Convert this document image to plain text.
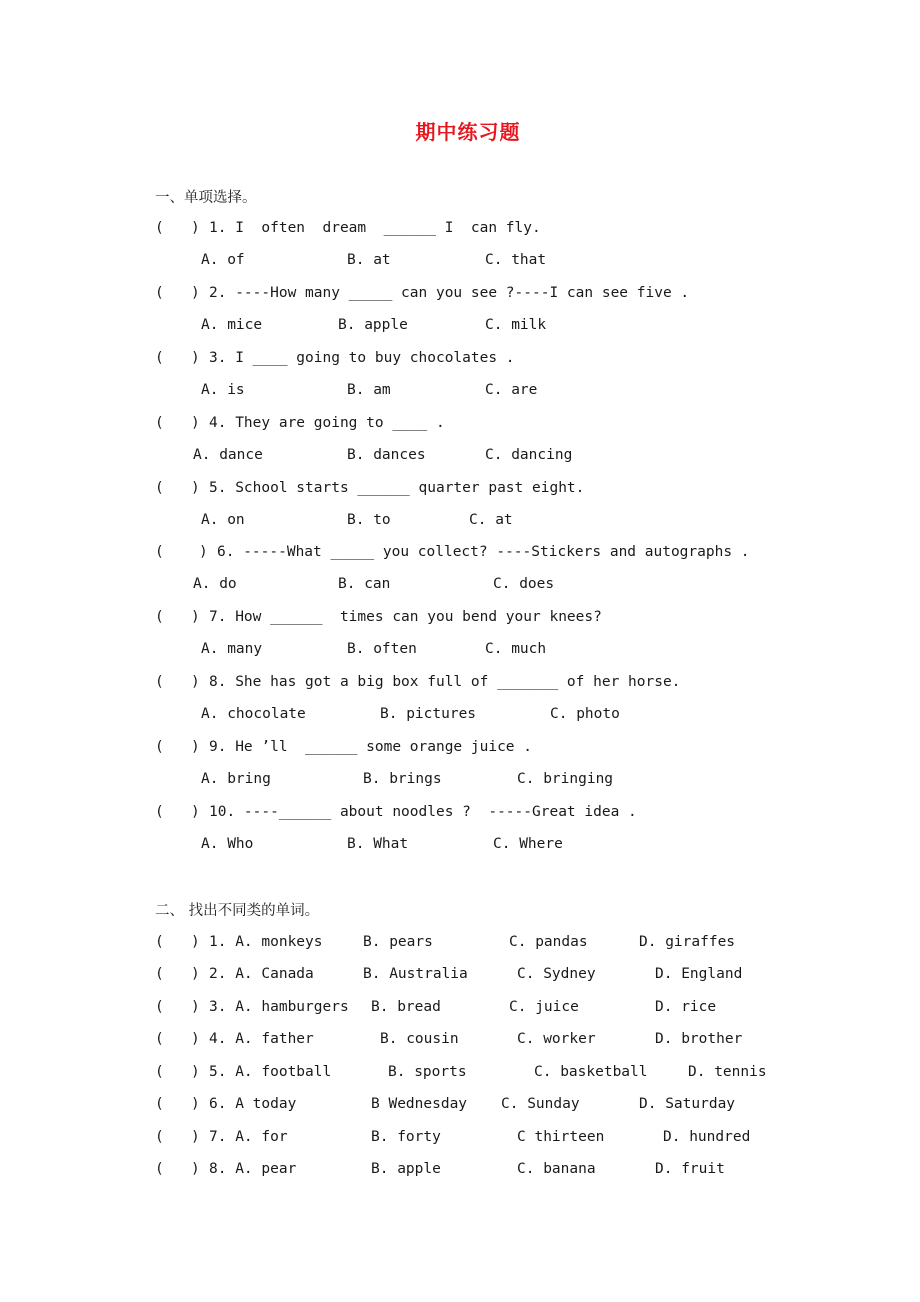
期中练习题
一、单项选择。
( ) 1. I  often  dream  ______ I  can fly.
A. of	B. at	C. that
( ) 2. ----How many _____ can you see ?----I can see five .
A. mice	B. apple	C. milk
( ) 3. I ____ going to buy chocolates .
A. is	B. am	C. are
( ) 4. They are going to ____ .
A. dance	B. dances	C. dancing
( ) 5. School starts ______ quarter past eight.
A. on	B. to	C. at
( ) 6. -----What _____ you collect? ----Stickers and autographs .
A. do	B. can	C. does
( ) 7. How ______  times can you bend your knees?
A. many	B. often	C. much
( ) 8. She has got a big box full of _______ of her horse.
A. chocolate	B. pictures	C. photo
( ) 9. He ’ll  ______ some orange juice .
A. bring	B. brings	C. bringing
( ) 10. ----______ about noodles ?  -----Great idea .
A. Who	B. What	C. Where
二、 找出不同类的单词。
( ) 1. A. monkeys	B. pears	C. pandas	D. giraffes
( ) 2. A. Canada	B. Australia	C. Sydney	D. England
( ) 3. A. hamburgers B. bread	C. juice	D. rice
( ) 4. A. father	B. cousin	C. worker	D. brother
( ) 5. A. football	B. sports	C. basketball	D. tennis
( ) 6. A today	B Wednesday C. Sunday	D. Saturday
( ) 7. A. for	B. forty	C thirteen	D. hundred
( ) 8. A. pear	B. apple	C. banana	D. fruit
